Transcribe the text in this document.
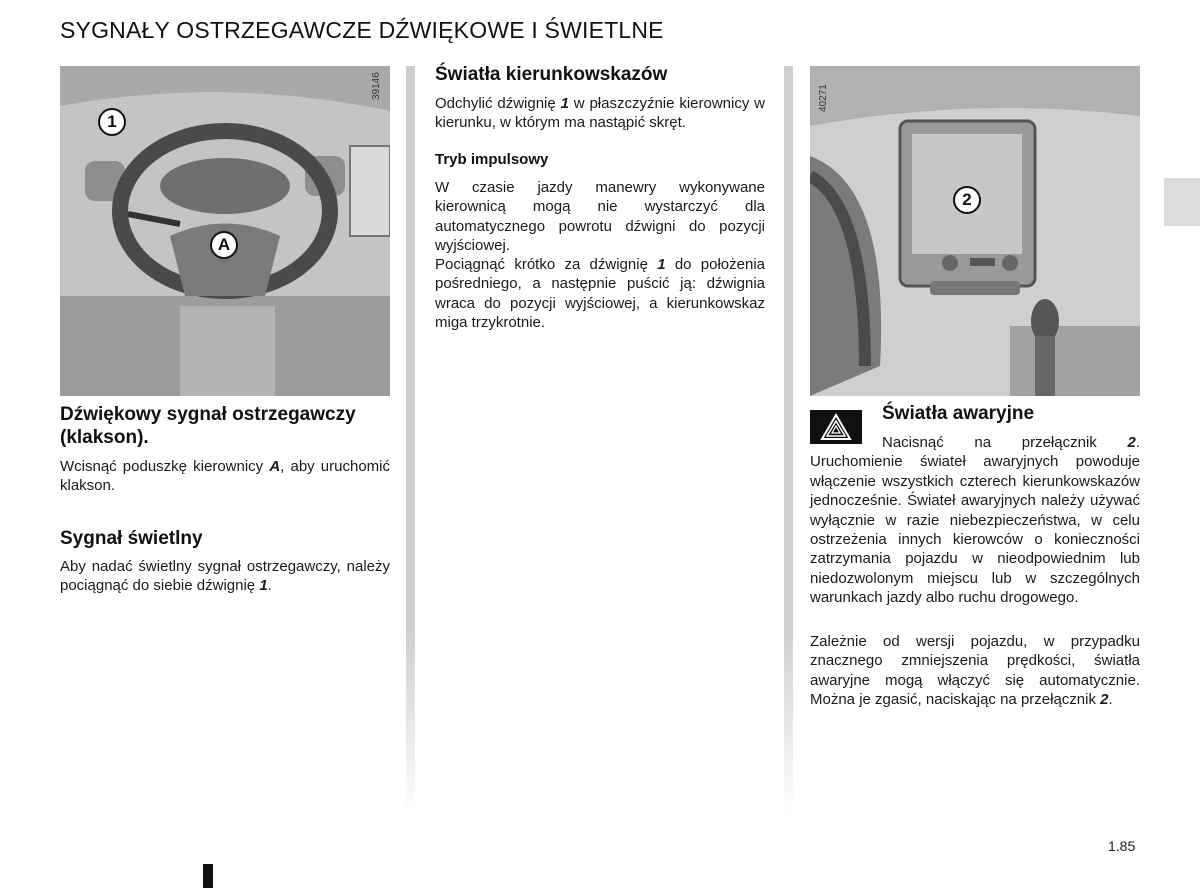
SYGNAŁY OSTRZEGAWCZE DŹWIĘKOWE I ŚWIETLNE
39146
1
A
40271
2
Dźwiękowy sygnał ostrzegawczy (klakson).

Wcisnąć poduszkę kierownicy A, aby uruchomić klakson.

Sygnał świetlny

Aby nadać świetlny sygnał ostrzegawczy, należy pociągnąć do siebie dźwignię 1.

Światła kierunkowskazów

Odchylić dźwignię 1 w płaszczyźnie kierownicy w kierunku, w którym ma nastąpić skręt.

Tryb impulsowy

W czasie jazdy manewry wykonywane kierownicą mogą nie wystarczyć dla automatycznego powrotu dźwigni do pozycji wyjściowej.

Pociągnąć krótko za dźwignię 1 do położenia pośredniego, a następnie puścić ją: dźwignia wraca do pozycji wyjściowej, a kierunkowskaz miga trzykrotnie.

Światła awaryjne

Nacisnąć na przełącznik 2. Uruchomienie świateł awaryjnych powoduje włączenie wszystkich czterech kierunkowskazów jednocześnie. Świateł awaryjnych należy używać wyłącznie w razie niebezpieczeństwa, w celu ostrzeżenia innych kierowców o konieczności zatrzymania pojazdu w nieodpowiednim lub niedozwolonym miejscu lub w szczególnych warunkach jazdy albo ruchu drogowego.

Zależnie od wersji pojazdu, w przypadku znacznego zmniejszenia prędkości, światła awaryjne mogą włączyć się automatycznie. Można je zgasić, naciskając na przełącznik 2.

1.85
